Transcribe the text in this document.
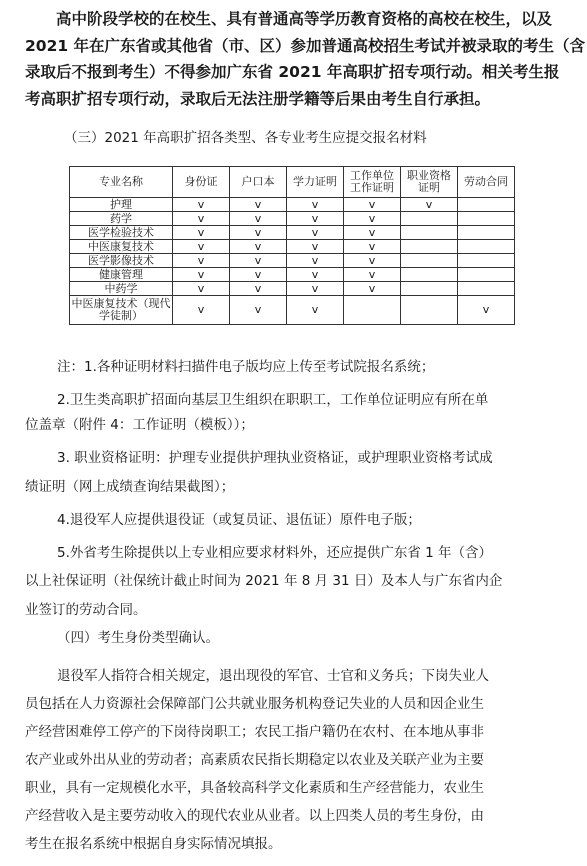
　　高中阶段学校的在校生、具有普通高等学历教育资格的高校在校生，以及
2021 年在广东省或其他省（市、区）参加普通高校招生考试并被录取的考生（含
录取后不报到考生）不得参加广东省 2021 年高职扩招专项行动。相关考生报
考高职扩招专项行动，录取后无法注册学籍等后果由考生自行承担。
（三）2021 年高职扩招各类型、各专业考生应提交报名材料
专业名称	身份证	户口本	学力证明	工作单位工作证明	职业资格证明	劳动合同
护理	v	v	v	v	v	
药学	v	v	v	v		
医学检验技术	v	v	v	v		
中医康复技术	v	v	v	v		
医学影像技术	v	v	v	v		
健康管理	v	v	v	v		
中药学	v	v	v	v		
中医康复技术（现代学徒制）	v	v	v			v
注：1.各种证明材料扫描件电子版均应上传至考试院报名系统；
2.卫生类高职扩招面向基层卫生组织在职职工，工作单位证明应有所在单
位盖章（附件 4：工作证明（模板））；
3. 职业资格证明：护理专业提供护理执业资格证，或护理职业资格考试成
绩证明（网上成绩查询结果截图）；
4.退役军人应提供退役证（或复员证、退伍证）原件电子版；
5.外省考生除提供以上专业相应要求材料外，还应提供广东省 1 年（含）
以上社保证明（社保统计截止时间为 2021 年 8 月 31 日）及本人与广东省内企
业签订的劳动合同。
（四）考生身份类型确认。
退役军人指符合相关规定，退出现役的军官、士官和义务兵；下岗失业人
员包括在人力资源社会保障部门公共就业服务机构登记失业的人员和因企业生
产经营困难停工停产的下岗待岗职工；农民工指户籍仍在农村、在本地从事非
农产业或外出从业的劳动者；高素质农民指长期稳定以农业及关联产业为主要
职业，具有一定规模化水平，具备较高科学文化素质和生产经营能力，农业生
产经营收入是主要劳动收入的现代农业从业者。以上四类人员的考生身份，由
考生在报名系统中根据自身实际情况填报。
